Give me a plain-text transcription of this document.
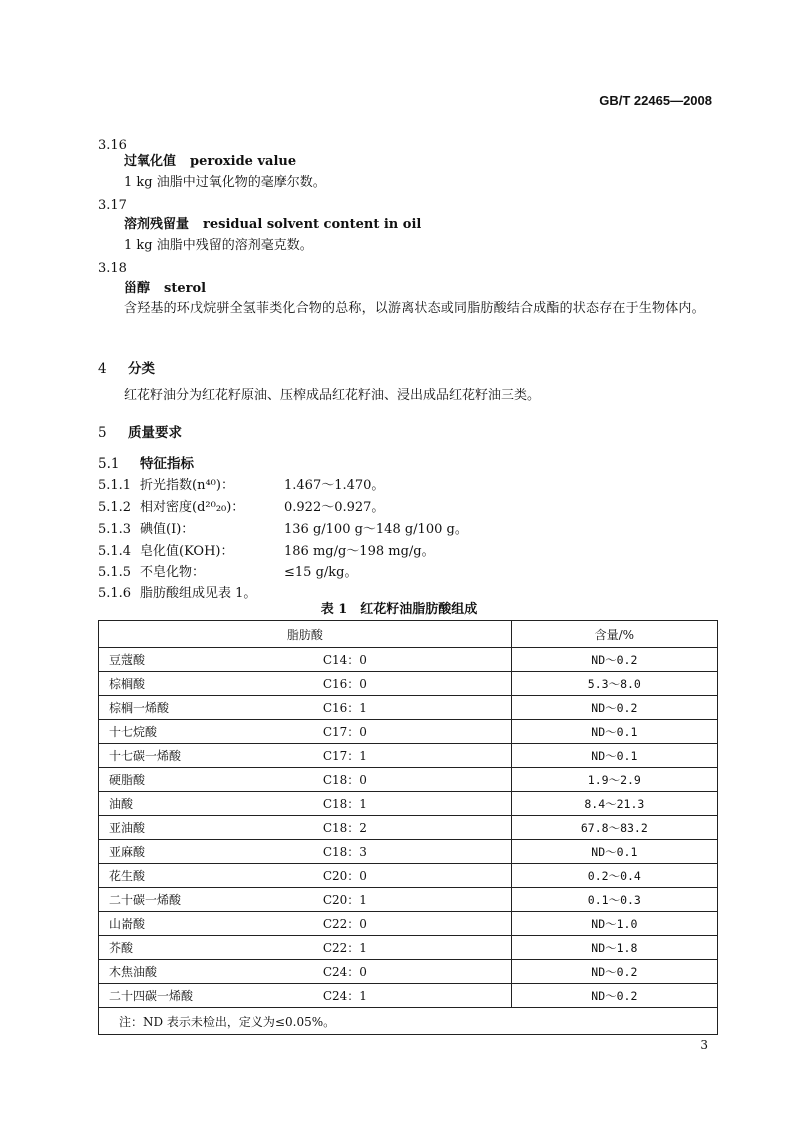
GB/T 22465—2008
3.16
过氧化值 peroxide value
1 kg 油脂中过氧化物的毫摩尔数。
3.17
溶剂残留量 residual solvent content in oil
1 kg 油脂中残留的溶剂毫克数。
3.18
甾醇 sterol
含羟基的环戊烷骈全氢菲类化合物的总称，以游离状态或同脂肪酸结合成酯的状态存在于生物体内。
4 分类
红花籽油分为红花籽原油、压榨成品红花籽油、浸出成品红花籽油三类。
5 质量要求
5.1 特征指标
5.1.1 折光指数(n⁴⁰)：	1.467～1.470。
5.1.2 相对密度(d²⁰₂₀)：	0.922～0.927。
5.1.3 碘值(I)：	136 g/100 g～148 g/100 g。
5.1.4 皂化值(KOH)：	186 mg/g～198 mg/g。
5.1.5 不皂化物：	≤15 g/kg。
5.1.6 脂肪酸组成见表 1。
表 1　红花籽油脂肪酸组成
脂肪酸		含量/%
豆蔻酸	C14：0	ND～0.2
棕榈酸	C16：0	5.3～8.0
棕榈一烯酸	C16：1	ND～0.2
十七烷酸	C17：0	ND～0.1
十七碳一烯酸	C17：1	ND～0.1
硬脂酸	C18：0	1.9～2.9
油酸	C18：1	8.4～21.3
亚油酸	C18：2	67.8～83.2
亚麻酸	C18：3	ND～0.1
花生酸	C20：0	0.2～0.4
二十碳一烯酸	C20：1	0.1～0.3
山嵛酸	C22：0	ND～1.0
芥酸	C22：1	ND～1.8
木焦油酸	C24：0	ND～0.2
二十四碳一烯酸	C24：1	ND～0.2
注：ND 表示未检出，定义为≤0.05%。		
3
